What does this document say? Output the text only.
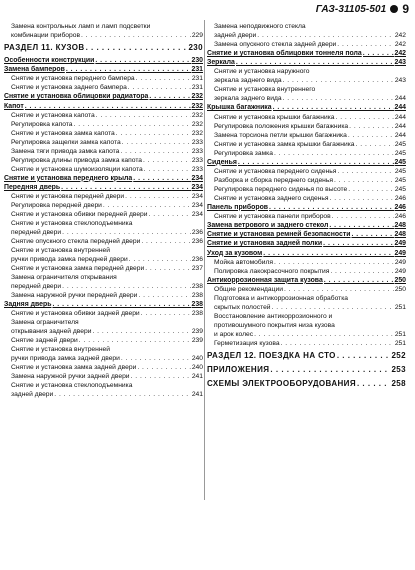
ГАЗ-31105-501 9
Замена контрольных ламп и ламп подсветки
комбинации приборов . . .	229
РАЗДЕЛ 11. КУЗОВ . . .	230
Особенности конструкции . . .	230
Замена бамперов . . .	231
Снятие и установка переднего бампера . . .	231
Снятие и установка заднего бампера . . .	231
Снятие и установка облицовки радиатора . . .	232
Капот . . .	232
Снятие и установка капота . . .	232
Регулировка капота . . .	232
Снятие и установка замка капота . . .	232
Регулировка защелки замка капота . . .	233
Замена тяги привода замка капота . . .	233
Регулировка длины привода замка капота . . .	233
Снятие и установка шумоизоляции капота . . .	233
Снятие и установка переднего крыла . . .	234
Передняя дверь . . .	234
Снятие и установка передней двери . . .	234
Регулировка передней двери . . .	234
Снятие и установка обивки передней двери . . .	234
Снятие и установка стеклоподъемника
передней двери . . .	236
Снятие опускного стекла передней двери . . .	236
Снятие и установка внутренней
ручки привода замка передней двери . . .	236
Снятие и установка замка передней двери . . .	237
Замена ограничителя открывания
передней двери . . .	238
Замена наружной ручки передней двери . . .	238
Задняя дверь . . .	238
Снятие и установка обивки задней двери . . .	238
Замена ограничителя
открывания задней двери . . .	239
Снятие задней двери . . .	239
Снятие и установка внутренней
ручки привода замка задней двери . . .	240
Снятие и установка замка задней двери . . .	240
Замена наружной ручки задней двери . . .	241
Снятие и установка стеклоподъемника
задней двери . . .	241
Замена неподвижного стекла
задней двери . . .	242
Замена опускного стекла задней двери . . .	242
Снятие и установка облицовки тоннеля пола . . .	242
Зеркала . . .	243
Снятие и установка наружного
зеркала заднего вида . . .	243
Снятие и установка внутреннего
зеркала заднего вида . . .	244
Крышка багажника . . .	244
Снятие и установка крышки багажника . . .	244
Регулировка положения крышки багажника . . .	244
Замена торсиона петли крышки багажника . . .	244
Снятие и установка замка крышки багажника . . .	245
Регулировка замка . . .	245
Сиденья . . .	245
Снятие и установка переднего сиденья . . .	245
Разборка и сборка переднего сиденья . . .	245
Регулировка переднего сиденья по высоте . . .	245
Снятие и установка заднего сиденья . . .	246
Панель приборов . . .	246
Снятие и установка панели приборов . . .	246
Замена ветрового и заднего стекол . . .	248
Снятие и установка ремней безопасности . . .	248
Снятие и установка задней полки . . .	249
Уход за кузовом . . .	249
Мойка автомобиля . . .	249
Полировка лакокрасочного покрытия . . .	249
Антикоррозионная защита кузова . . .	250
Общие рекомендации . . .	250
Подготовка и антикоррозионная обработка
скрытых полостей . . .	251
Восстановление антикоррозионного и
противошумного покрытия низа кузова
и арок колес . . .	251
Герметизация кузова . . .	251
РАЗДЕЛ 12. ПОЕЗДКА НА СТО . . .	252
ПРИЛОЖЕНИЯ . . .	253
СХЕМЫ ЭЛЕКТРООБОРУДОВАНИЯ . . .	258
